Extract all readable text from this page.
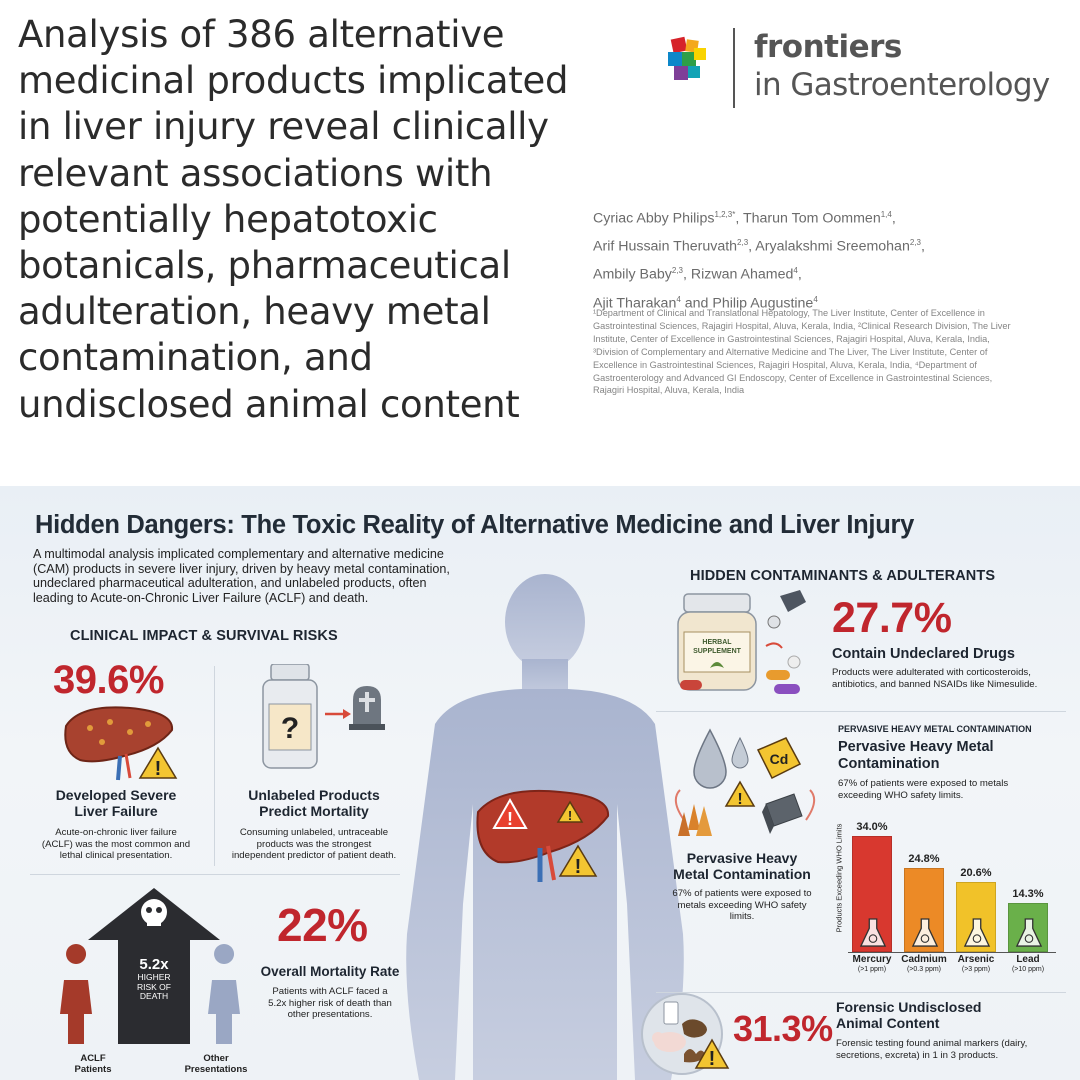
Analysis of 386 alternative
medicinal products implicated
in liver injury reveal clinically
relevant associations with
potentially hepatotoxic
botanicals, pharmaceutical
adulteration, heavy metal
contamination, and
undisclosed animal content
frontiers
in Gastroenterology
Cyriac Abby Philips$^{1,2,3*}$, Tharun Tom Oommen$^{1,4}$,
Arif Hussain Theruvath$^{2,3}$, Aryalakshmi Sreemohan$^{2,3}$,
Ambily Baby$^{2,3}$, Rizwan Ahamed$^4$,
Ajit Tharakan$^4$ and Philip Augustine$^4$
¹Department of Clinical and Translational Hepatology, The Liver Institute, Center of Excellence in
Gastrointestinal Sciences, Rajagiri Hospital, Aluva, Kerala, India, ²Clinical Research Division, The Liver
Institute, Center of Excellence in Gastrointestinal Sciences, Rajagiri Hospital, Aluva, Kerala, India,
³Division of Complementary and Alternative Medicine and The Liver, The Liver Institute, Center of
Excellence in Gastrointestinal Sciences, Rajagiri Hospital, Aluva, Kerala, India, ⁴Department of
Gastroenterology and Advanced GI Endoscopy, Center of Excellence in Gastrointestinal Sciences,
Rajagiri Hospital, Aluva, Kerala, India
Hidden Dangers: The Toxic Reality of Alternative Medicine and Liver Injury
A multimodal analysis implicated complementary and alternative medicine
(CAM) products in severe liver injury, driven by heavy metal contamination,
undeclared pharmaceutical adulteration, and unlabeled products, often
leading to Acute-on-Chronic Liver Failure (ACLF) and death.
!	!
!
CLINICAL IMPACT & SURVIVAL RISKS
39.6%
!
Developed Severe
Liver Failure
Acute-on-chronic liver failure
(ACLF) was the most common and
lethal clinical presentation.
?
Unlabeled Products
Predict Mortality
Consuming unlabeled, untraceable
products was the strongest
independent predictor of patient death.
5.2x
HIGHER
RISK OF
DEATH
ACLF
Patients
Other
Presentations
22%
Overall Mortality Rate
Patients with ACLF faced a
5.2x higher risk of death than
other presentations.
HIDDEN CONTAMINANTS & ADULTERANTS
HERBAL
SUPPLEMENT
27.7%
Contain Undeclared Drugs
Products were adulterated with corticosteroids,
antibiotics, and banned NSAIDs like Nimesulide.
Cd
!
Pervasive Heavy
Metal Contamination
67% of patients were exposed to
metals exceeding WHO safety
limits.
PERVASIVE HEAVY METAL CONTAMINATION
Pervasive Heavy Metal
Contamination
67% of patients were exposed to metals exceeding WHO safety limits.
Products Exceeding WHO Limits	34.0%
Mercury
(>1 ppm)
24.8%
Cadmium
(>0.3 ppm)
20.6%
Arsenic
(>3 ppm)
14.3%
Lead
(>10 ppm)
!
31.3%
Forensic Undisclosed
Animal Content
Forensic testing found animal markers (dairy,
secretions, excreta) in 1 in 3 products.
